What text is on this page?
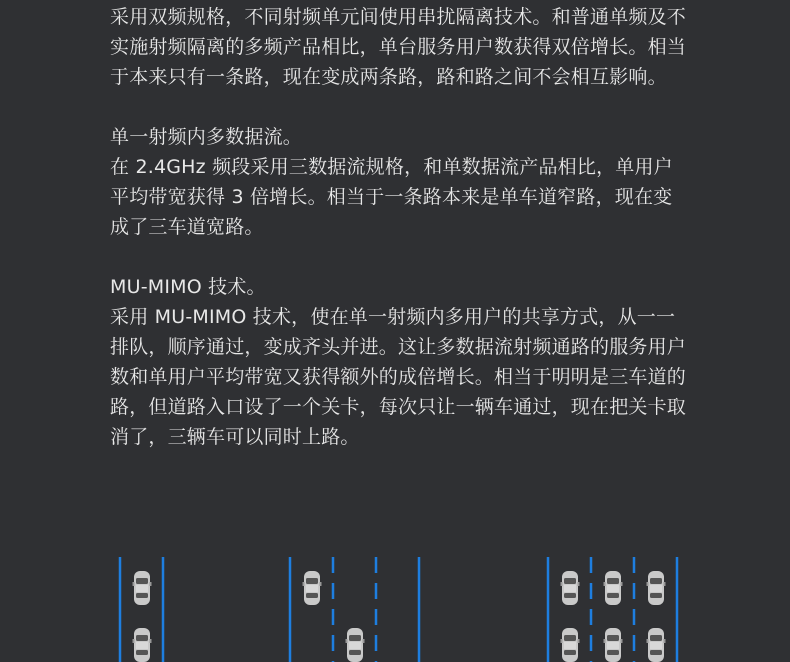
采用双频规格，不同射频单元间使用串扰隔离技术。和普通单频及不实施射频隔离的多频产品相比，单台服务用户数获得双倍增长。相当于本来只有一条路，现在变成两条路，路和路之间不会相互影响。

单一射频内多数据流。

在 2.4GHz 频段采用三数据流规格，和单数据流产品相比，单用户平均带宽获得 3 倍增长。相当于一条路本来是单车道窄路，现在变成了三车道宽路。

MU-MIMO 技术。

采用 MU-MIMO 技术，使在单一射频内多用户的共享方式，从一一排队，顺序通过，变成齐头并进。这让多数据流射频通路的服务用户数和单用户平均带宽又获得额外的成倍增长。相当于明明是三车道的路，但道路入口设了一个关卡，每次只让一辆车通过，现在把关卡取消了，三辆车可以同时上路。
